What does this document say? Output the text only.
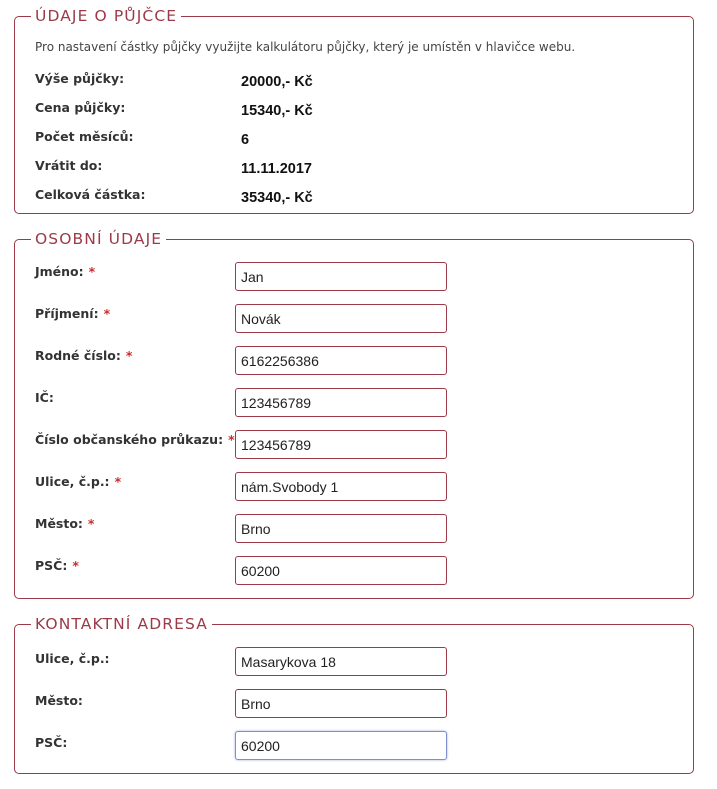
ÚDAJE O PŮJČCE
Pro nastavení částky půjčky využijte kalkulátoru půjčky, který je umístěn v hlavičce webu.
Výše půjčky:	20000,- Kč
Cena půjčky:	15340,- Kč
Počet měsíců:	6
Vrátit do:	11.11.2017
Celková částka:	35340,- Kč
OSOBNÍ ÚDAJE
Jméno: *
Jan
Příjmení: *
Novák
Rodné číslo: *
6162256386
IČ:
123456789
Číslo občanského průkazu: *
123456789
Ulice, č.p.: *
nám.Svobody 1
Město: *
Brno
PSČ: *
60200
KONTAKTNÍ ADRESA
Ulice, č.p.:
Masarykova 18
Město:
Brno
PSČ:
60200
